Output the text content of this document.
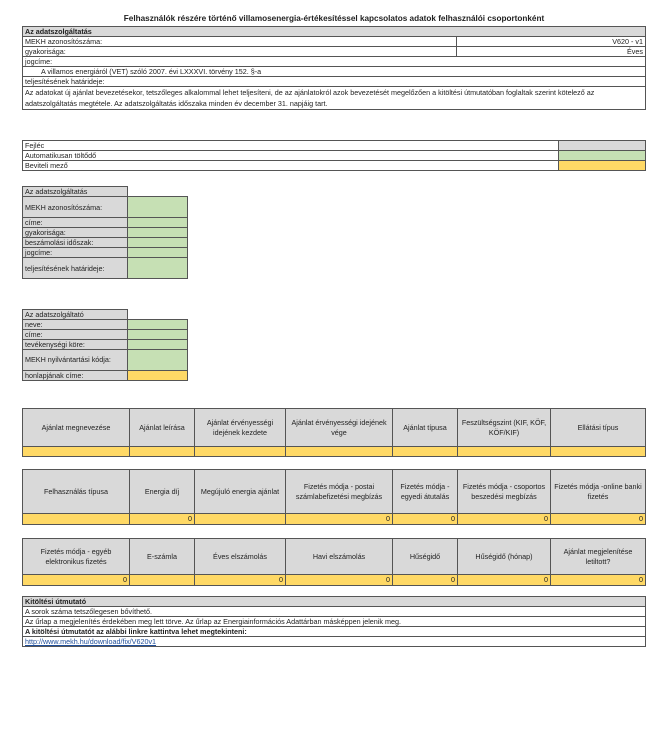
Felhasználók részére történő villamosenergia-értékesítéssel kapcsolatos adatok felhasználói csoportonként
Az adatszolgáltatás	
MEKH azonosítószáma:	V620 - v1
gyakorisága:	Éves
jogcíme:	
A villamos energiáról (VET) szóló 2007. évi LXXXVI. törvény 152. §-a	
teljesítésének határideje:	
Az adatokat új ajánlat bevezetésekor, tetszőleges alkalommal lehet teljesíteni, de az ajánlatokról azok bevezetését megelőzően a kitöltési útmutatóban foglaltak szerint kötelező az adatszolgáltatás megtétele. Az adatszolgáltatás időszaka minden év december 31. napjáig tart.	
Fejléc	
Automatikusan töltődő	
Beviteli mező	
Az adatszolgáltatás	
MEKH azonosítószáma:	
címe:	
gyakorisága:	
beszámolási időszak:	
jogcíme:	
teljesítésének határideje:	
Az adatszolgáltató	
neve:	
címe:	
tevékenységi köre:	
MEKH nyilvántartási kódja:	
honlapjának címe:	
Ajánlat megnevezése	Ajánlat leírása	Ajánlat érvényességi idejének kezdete	Ajánlat érvényességi idejének vége	Ajánlat típusa	Feszültségszint (KIF, KÖF, KÖF/KIF)	Ellátási típus

Felhasználás típusa	Energia díj	Megújuló energia ajánlat	Fizetés módja - postai számlabefizetési megbízás	Fizetés módja - egyedi átutalás	Fizetés módja - csoportos beszedési megbízás	Fizetés módja -online banki fizetés
	0		0	0	0	0
Fizetés módja - egyéb elektronikus fizetés	E-számla	Éves elszámolás	Havi elszámolás	Hűségidő	Hűségidő (hónap)	Ajánlat megjelenítése letiltott?
0		0	0	0	0	0
Kitöltési útmutató
A sorok száma tetszőlegesen bővíthető.
Az űrlap a megjelenítés érdekében meg lett törve. Az űrlap az Energiainformációs Adattárban másképpen jelenik meg.
A kitöltési útmutatót az alábbi linkre kattintva lehet megtekinteni:
http://www.mekh.hu/download/fix/V620v1
